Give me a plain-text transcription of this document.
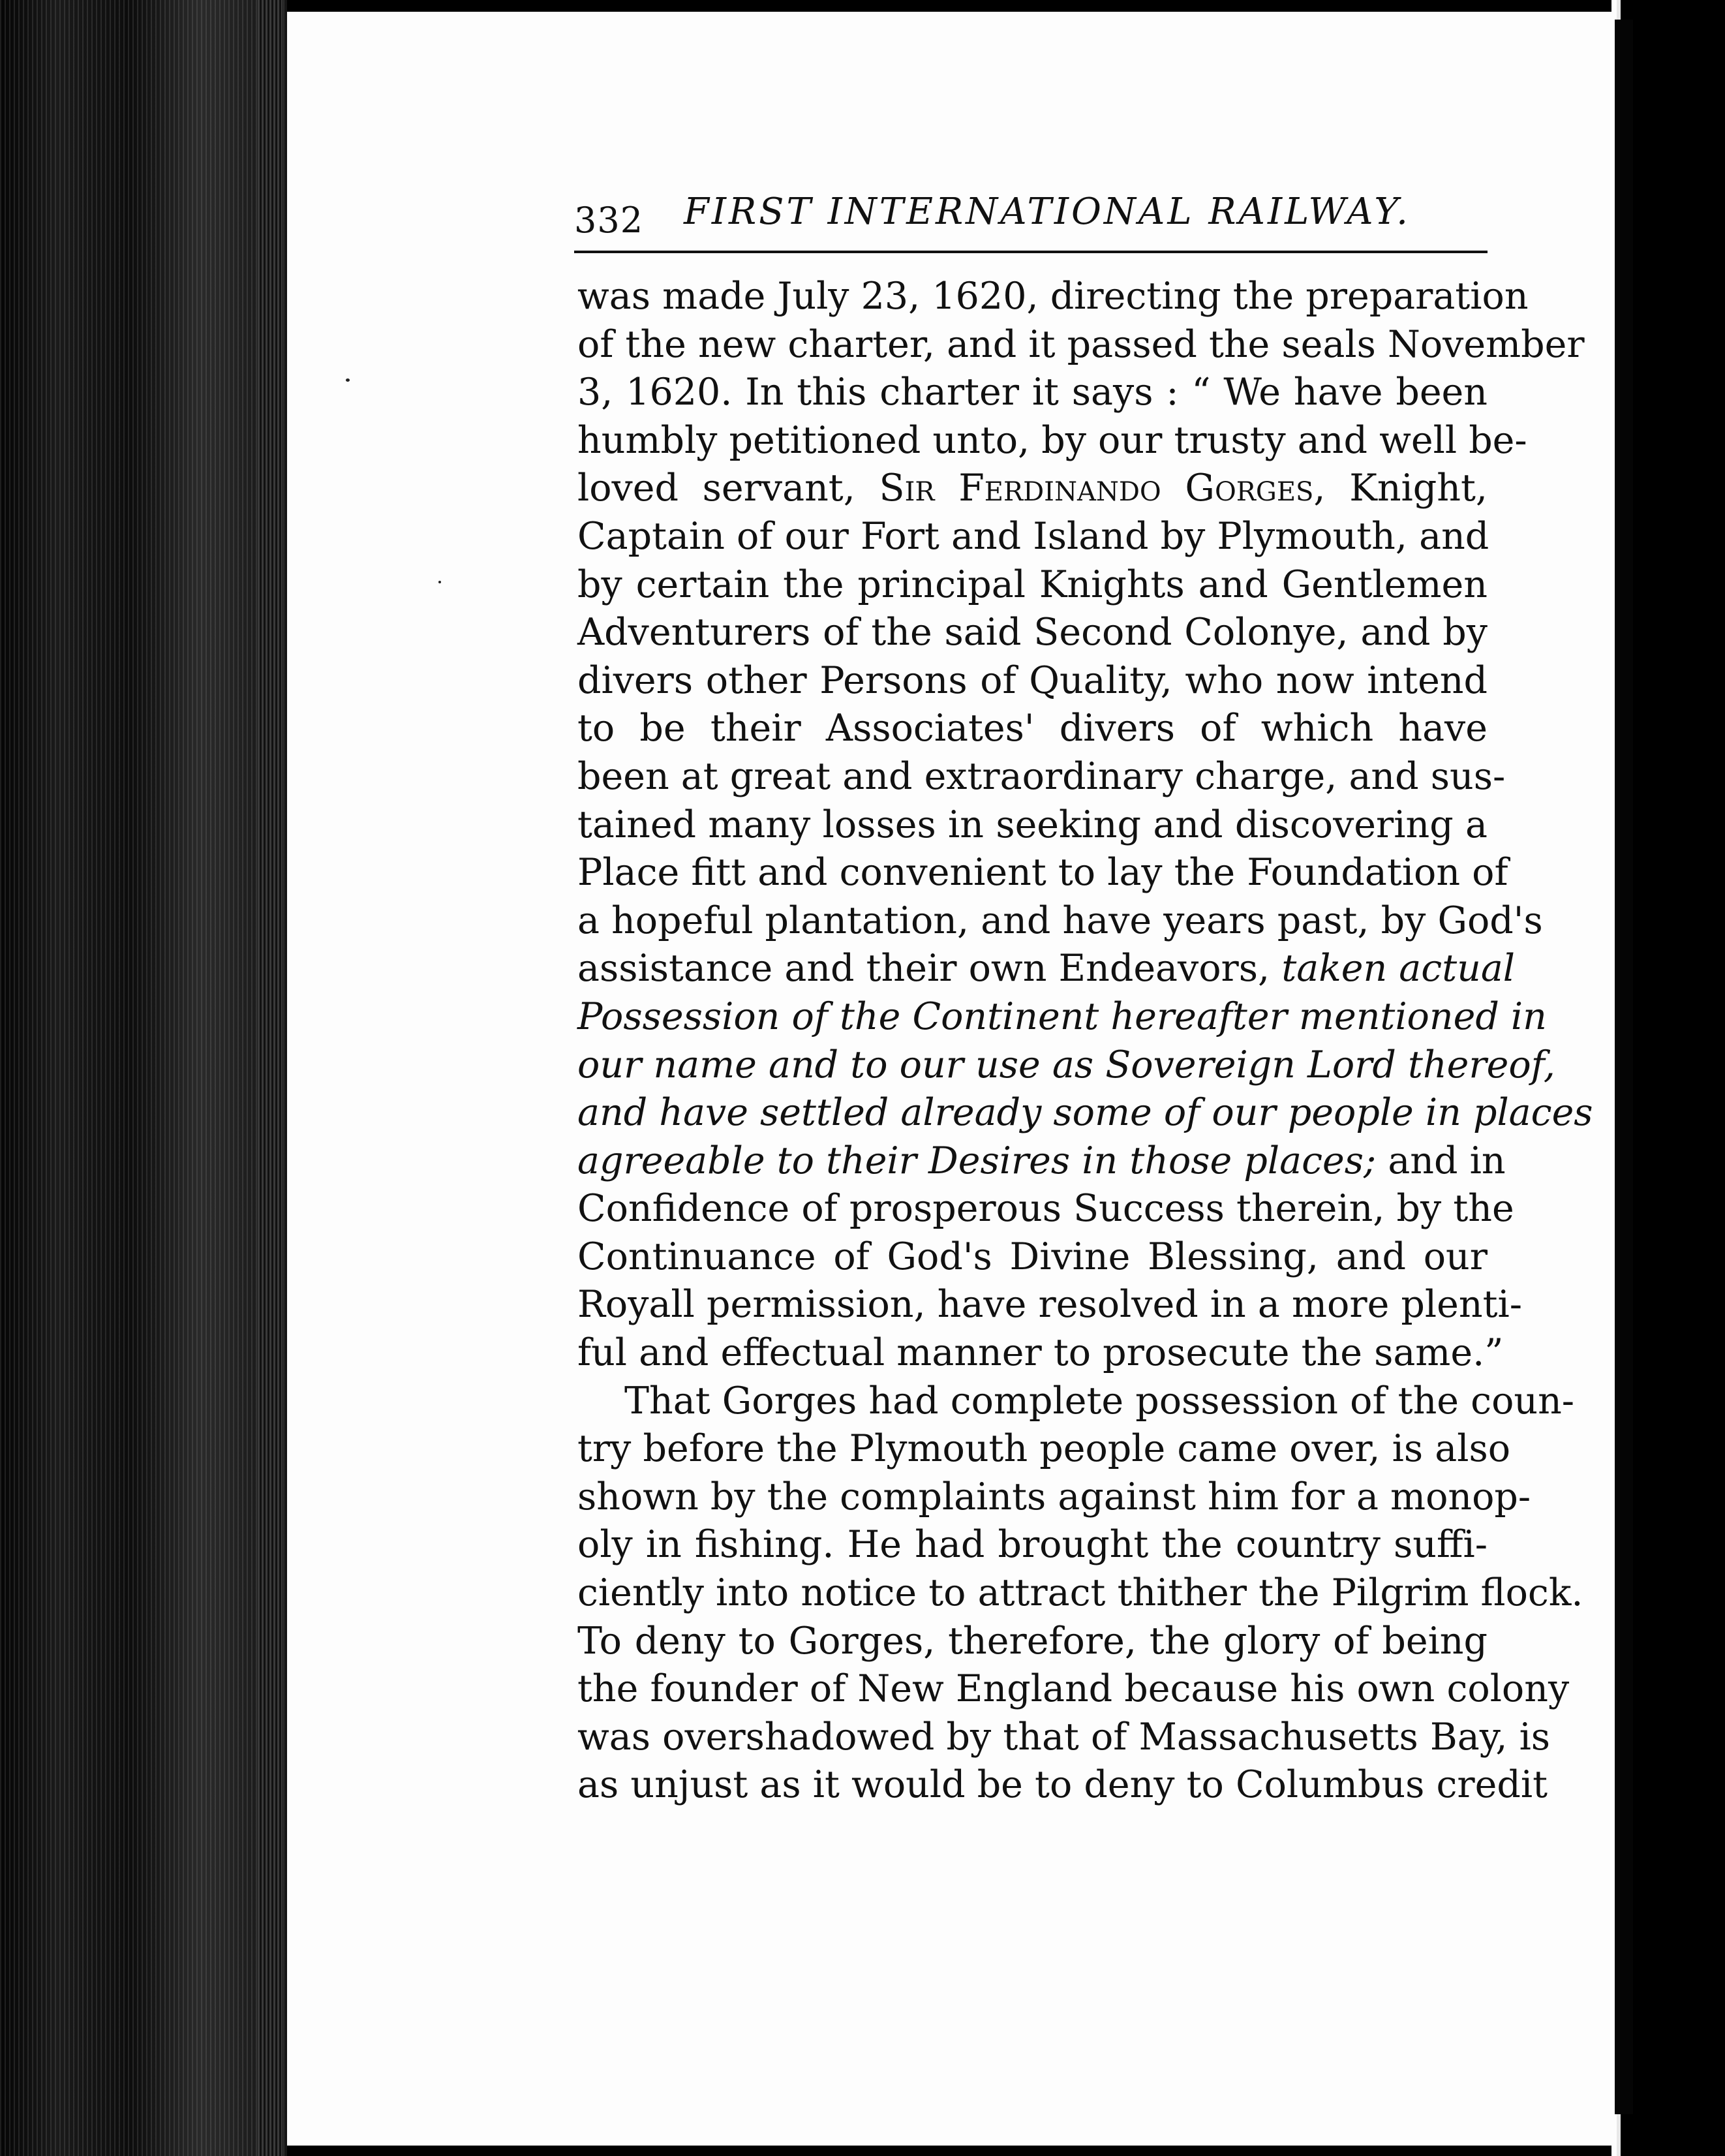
332 FIRST INTERNATIONAL RAILWAY.
was made July 23, 1620, directing the preparation
of the new charter, and it passed the seals November
3, 1620. In this charter it says : “ We have been
humbly petitioned unto, by our trusty and well be-
loved servant, Sir Ferdinando Gorges, Knight,
Captain of our Fort and Island by Plymouth, and
by certain the principal Knights and Gentlemen
Adventurers of the said Second Colonye, and by
divers other Persons of Quality, who now intend
to be their Associates' divers of which have
been at great and extraordinary charge, and sus-
tained many losses in seeking and discovering a
Place fitt and convenient to lay the Foundation of
a hopeful plantation, and have years past, by God's
assistance and their own Endeavors, taken actual
Possession of the Continent hereafter mentioned in
our name and to our use as Sovereign Lord thereof,
and have settled already some of our people in places
agreeable to their Desires in those places; and in
Confidence of prosperous Success therein, by the
Continuance of God's Divine Blessing, and our
Royall permission, have resolved in a more plenti-
ful and effectual manner to prosecute the same.”
That Gorges had complete possession of the coun-
try before the Plymouth people came over, is also
shown by the complaints against him for a monop-
oly in fishing. He had brought the country suffi-
ciently into notice to attract thither the Pilgrim flock.
To deny to Gorges, therefore, the glory of being
the founder of New England because his own colony
was overshadowed by that of Massachusetts Bay, is
as unjust as it would be to deny to Columbus credit
